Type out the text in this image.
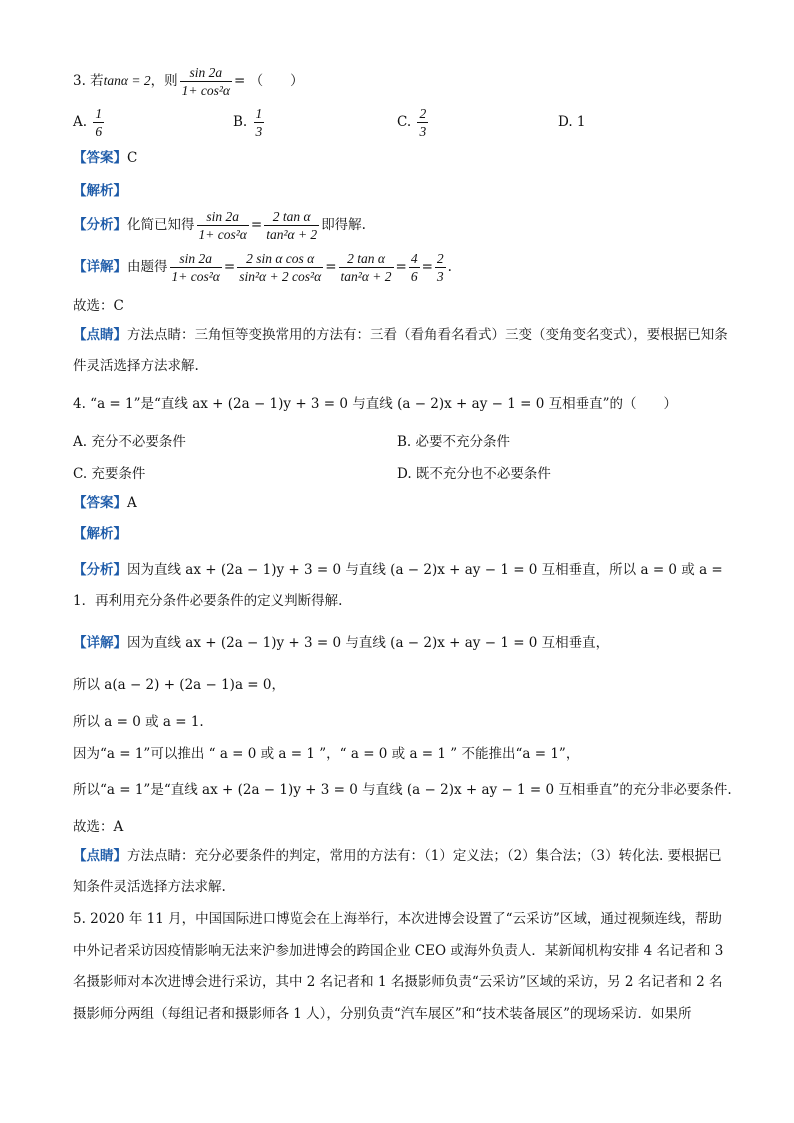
3. 若tanα = 2，则 $\frac{\sin 2a}{\text{1+ cos²α}}$ = （　　）
A. $\frac{1}{6}$	B. $\frac{1}{3}$	C. $\frac{2}{3}$	D. 1
【答案】C
【解析】
【分析】化简已知得 $\frac{\sin 2a}{\text{1+ cos²α}} = \frac{\text{2 tan α}}{\text{tan²α + 2}}$ 即得解.
【详解】由题得 $\frac{\sin 2a}{\text{1+ cos²α}} = \frac{\text{2 sin α cos α}}{\text{sin²α + 2 cos²α}} = \frac{\text{2 tan α}}{\text{tan²α + 2}} = \frac{4}{6} = \frac{2}{3}$ .
故选：C
【点睛】方法点睛：三角恒等变换常用的方法有：三看（看角看名看式）三变（变角变名变式），要根据已知条件灵活选择方法求解.
4. “a = 1”是“直线 ax + (2a − 1)y + 3 = 0 与直线 (a − 2)x + ay − 1 = 0 互相垂直”的（　　）
A. 充分不必要条件	B. 必要不充分条件
C. 充要条件	D. 既不充分也不必要条件
【答案】A
【解析】
【分析】因为直线 ax + (2a − 1)y + 3 = 0 与直线 (a − 2)x + ay − 1 = 0 互相垂直，所以 a = 0 或 a = 1．再利用充分条件必要条件的定义判断得解.
【详解】因为直线 ax + (2a − 1)y + 3 = 0 与直线 (a − 2)x + ay − 1 = 0 互相垂直，
所以 a(a − 2) + (2a − 1)a = 0，
所以 a = 0 或 a = 1.
因为“a = 1”可以推出 “ a = 0 或 a = 1 ”，“ a = 0 或 a = 1 ” 不能推出“a = 1”，
所以“a = 1”是“直线 ax + (2a − 1)y + 3 = 0 与直线 (a − 2)x + ay − 1 = 0 互相垂直”的充分非必要条件.
故选：A
【点睛】方法点睛：充分必要条件的判定，常用的方法有：（1）定义法；（2）集合法；（3）转化法. 要根据已知条件灵活选择方法求解.
5. 2020 年 11 月，中国国际进口博览会在上海举行，本次进博会设置了“云采访”区域，通过视频连线，帮助中外记者采访因疫情影响无法来沪参加进博会的跨国企业 CEO 或海外负责人．某新闻机构安排 4 名记者和 3 名摄影师对本次进博会进行采访，其中 2 名记者和 1 名摄影师负责“云采访”区域的采访，另 2 名记者和 2 名摄影师分两组（每组记者和摄影师各 1 人），分别负责“汽车展区”和“技术装备展区”的现场采访．如果所
